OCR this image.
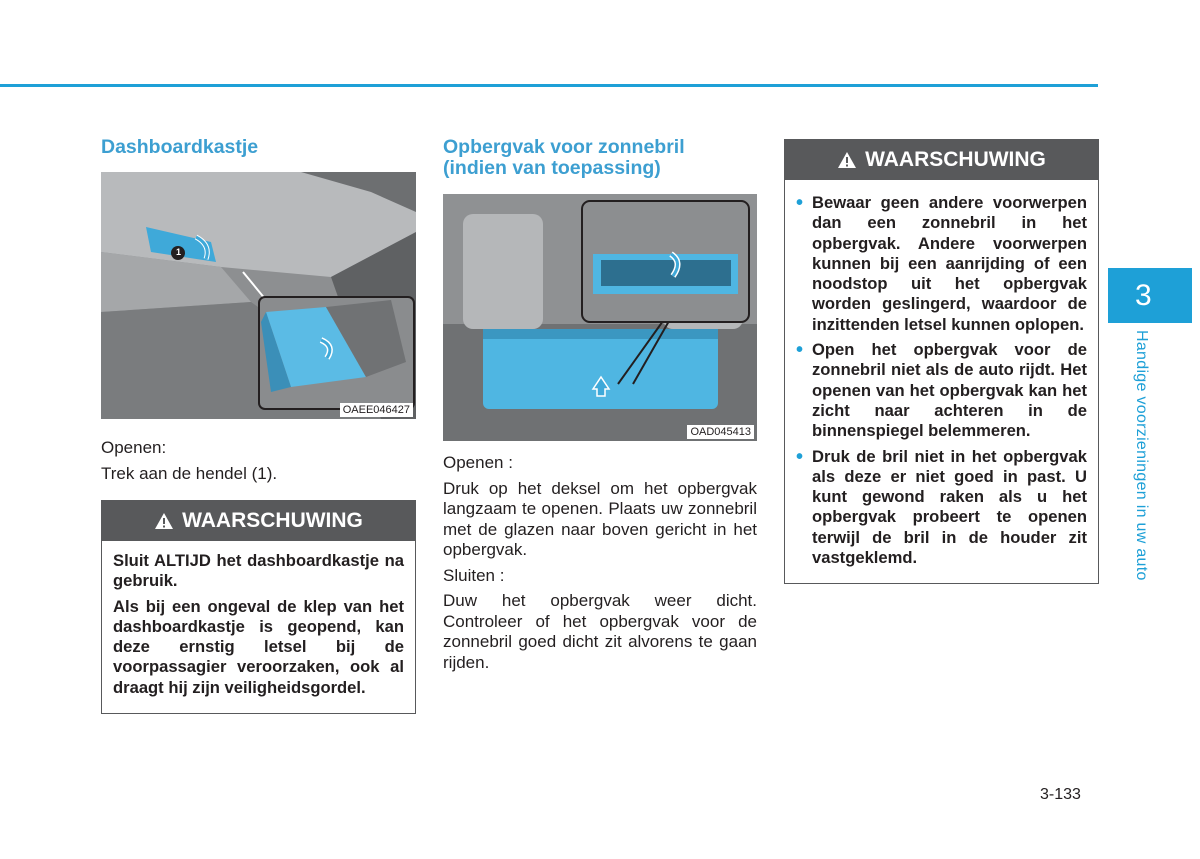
Dashboardkastje
1
OAEE046427

Openen:

Trek aan de hendel (1).

WAARSCHUWING

Sluit ALTIJD het dashboardkastje na gebruik.

Als bij een ongeval de klep van het dashboardkastje is geopend, kan deze ernstig letsel bij de voorpassagier veroorzaken, ook al draagt hij zijn veiligheidsgordel.

Opbergvak voor zonnebril
(indien van toepassing)
OAD045413

Openen :

Druk op het deksel om het opbergvak langzaam te openen. Plaats uw zonnebril met de glazen naar boven gericht in het opbergvak.

Sluiten :

Duw het opbergvak weer dicht. Controleer of het opbergvak voor de zonnebril goed dicht zit alvorens te gaan rijden.

WAARSCHUWING
• Bewaar geen andere voorwerpen dan een zonnebril in het opbergvak. Andere voorwerpen kunnen bij een aanrijding of een noodstop uit het opbergvak worden geslingerd, waardoor de inzittenden letsel kunnen oplopen.
• Open het opbergvak voor de zonnebril niet als de auto rijdt. Het openen van het opbergvak kan het zicht naar achteren in de binnenspiegel belemmeren.
• Druk de bril niet in het opbergvak als deze er niet goed in past. U kunt gewond raken als u het opbergvak probeert te openen terwijl de bril in de houder zit vastgeklemd.
3
Handige voorzieningen in uw auto
3-133
